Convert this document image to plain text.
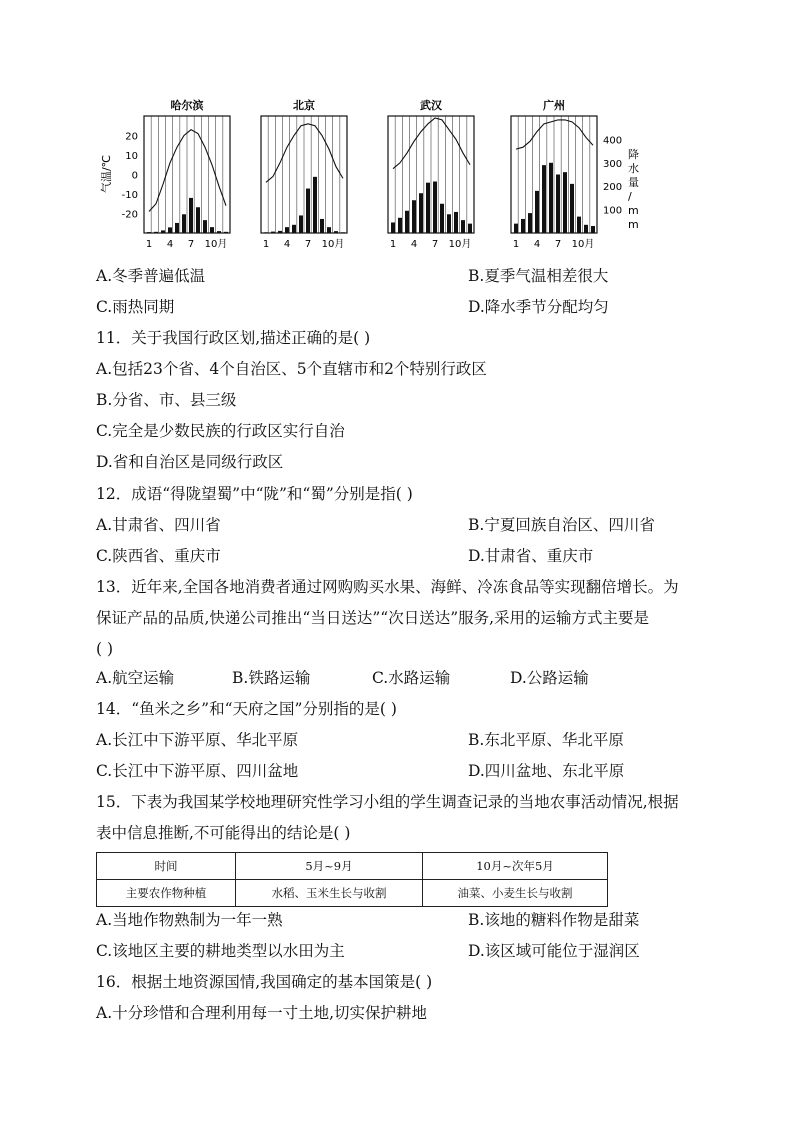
20
10
0
-10
-20
气温/℃
400
300
200
100
降水量/ m m
哈尔滨
1 4 7 10月
北京
1 4 7 10月
武汉
1 4 7 10月
广州
1 4 7 10月
A.冬季普遍低温	B.夏季气温相差很大
C.雨热同期	D.降水季节分配均匀
11．关于我国行政区划,描述正确的是( )
A.包括23个省、4个自治区、5个直辖市和2个特别行政区
B.分省、市、县三级
C.完全是少数民族的行政区实行自治
D.省和自治区是同级行政区
12．成语“得陇望蜀”中“陇”和“蜀”分别是指( )
A.甘肃省、四川省	B.宁夏回族自治区、四川省
C.陕西省、重庆市	D.甘肃省、重庆市
13．近年来,全国各地消费者通过网购购买水果、海鲜、冷冻食品等实现翻倍增长。为
保证产品的品质,快递公司推出“当日送达”“次日送达”服务,采用的运输方式主要是
( )
A.航空运输	B.铁路运输	C.水路运输	D.公路运输
14．“鱼米之乡”和“天府之国”分别指的是( )
A.长江中下游平原、华北平原	B.东北平原、华北平原
C.长江中下游平原、四川盆地	D.四川盆地、东北平原
15．下表为我国某学校地理研究性学习小组的学生调查记录的当地农事活动情况,根据
表中信息推断,不可能得出的结论是( )
时间	5月~9月	10月~次年5月
主要农作物种植	水稻、玉米生长与收割	油菜、小麦生长与收割
A.当地作物熟制为一年一熟	B.该地的糖料作物是甜菜
C.该地区主要的耕地类型以水田为主	D.该区域可能位于湿润区
16．根据土地资源国情,我国确定的基本国策是( )
A.十分珍惜和合理利用每一寸土地,切实保护耕地
